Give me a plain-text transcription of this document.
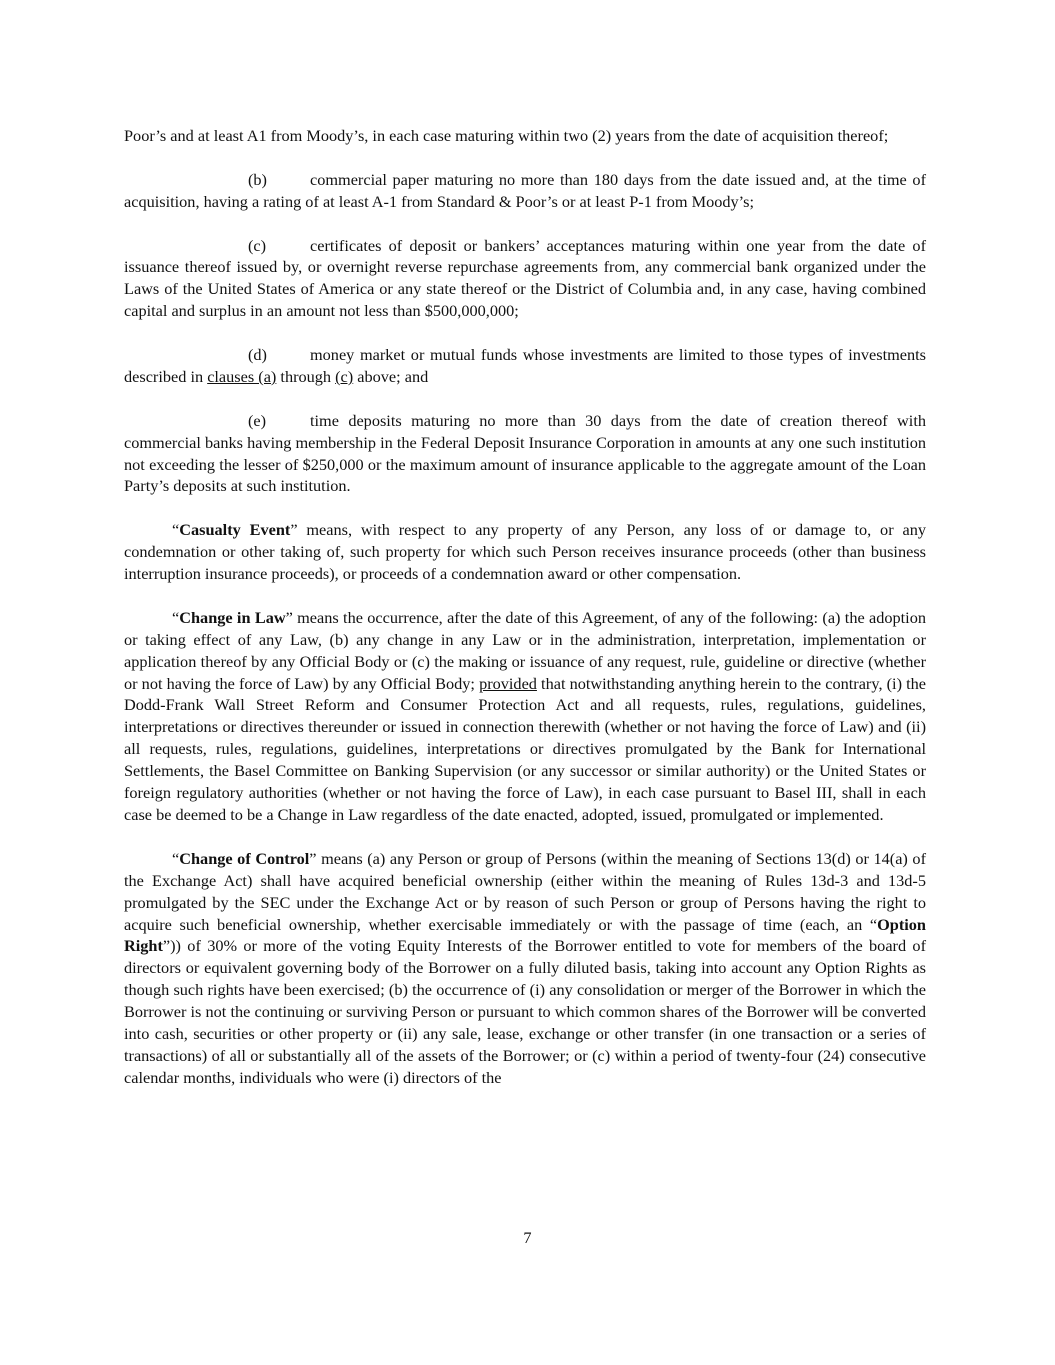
Poor’s and at least A1 from Moody’s, in each case maturing within two (2) years from the date of acquisition thereof;

(b)	commercial paper maturing no more than 180 days from the date issued and, at the time of acquisition, having a rating of at least A-1 from Standard & Poor’s or at least P-1 from Moody’s;

(c)	certificates of deposit or bankers’ acceptances maturing within one year from the date of issuance thereof issued by, or overnight reverse repurchase agreements from, any commercial bank organized under the Laws of the United States of America or any state thereof or the District of Columbia and, in any case, having combined capital and surplus in an amount not less than $500,000,000;

(d)	money market or mutual funds whose investments are limited to those types of investments described in clauses (a) through (c) above; and

(e)	time deposits maturing no more than 30 days from the date of creation thereof with commercial banks having membership in the Federal Deposit Insurance Corporation in amounts at any one such institution not exceeding the lesser of $250,000 or the maximum amount of insurance applicable to the aggregate amount of the Loan Party’s deposits at such institution.

“Casualty Event” means, with respect to any property of any Person, any loss of or damage to, or any condemnation or other taking of, such property for which such Person receives insurance proceeds (other than business interruption insurance proceeds), or proceeds of a condemnation award or other compensation.

“Change in Law” means the occurrence, after the date of this Agreement, of any of the following: (a) the adoption or taking effect of any Law, (b) any change in any Law or in the administration, interpretation, implementation or application thereof by any Official Body or (c) the making or issuance of any request, rule, guideline or directive (whether or not having the force of Law) by any Official Body; provided that notwithstanding anything herein to the contrary, (i) the Dodd-Frank Wall Street Reform and Consumer Protection Act and all requests, rules, regulations, guidelines, interpretations or directives thereunder or issued in connection therewith (whether or not having the force of Law) and (ii) all requests, rules, regulations, guidelines, interpretations or directives promulgated by the Bank for International Settlements, the Basel Committee on Banking Supervision (or any successor or similar authority) or the United States or foreign regulatory authorities (whether or not having the force of Law), in each case pursuant to Basel III, shall in each case be deemed to be a Change in Law regardless of the date enacted, adopted, issued, promulgated or implemented.

“Change of Control” means (a) any Person or group of Persons (within the meaning of Sections 13(d) or 14(a) of the Exchange Act) shall have acquired beneficial ownership (either within the meaning of Rules 13d-3 and 13d-5 promulgated by the SEC under the Exchange Act or by reason of such Person or group of Persons having the right to acquire such beneficial ownership, whether exercisable immediately or with the passage of time (each, an “Option Right”)) of 30% or more of the voting Equity Interests of the Borrower entitled to vote for members of the board of directors or equivalent governing body of the Borrower on a fully diluted basis, taking into account any Option Rights as though such rights have been exercised; (b) the occurrence of (i) any consolidation or merger of the Borrower in which the Borrower is not the continuing or surviving Person or pursuant to which common shares of the Borrower will be converted into cash, securities or other property or (ii) any sale, lease, exchange or other transfer (in one transaction or a series of transactions) of all or substantially all of the assets of the Borrower; or (c) within a period of twenty-four (24) consecutive calendar months, individuals who were (i) directors of the

7
